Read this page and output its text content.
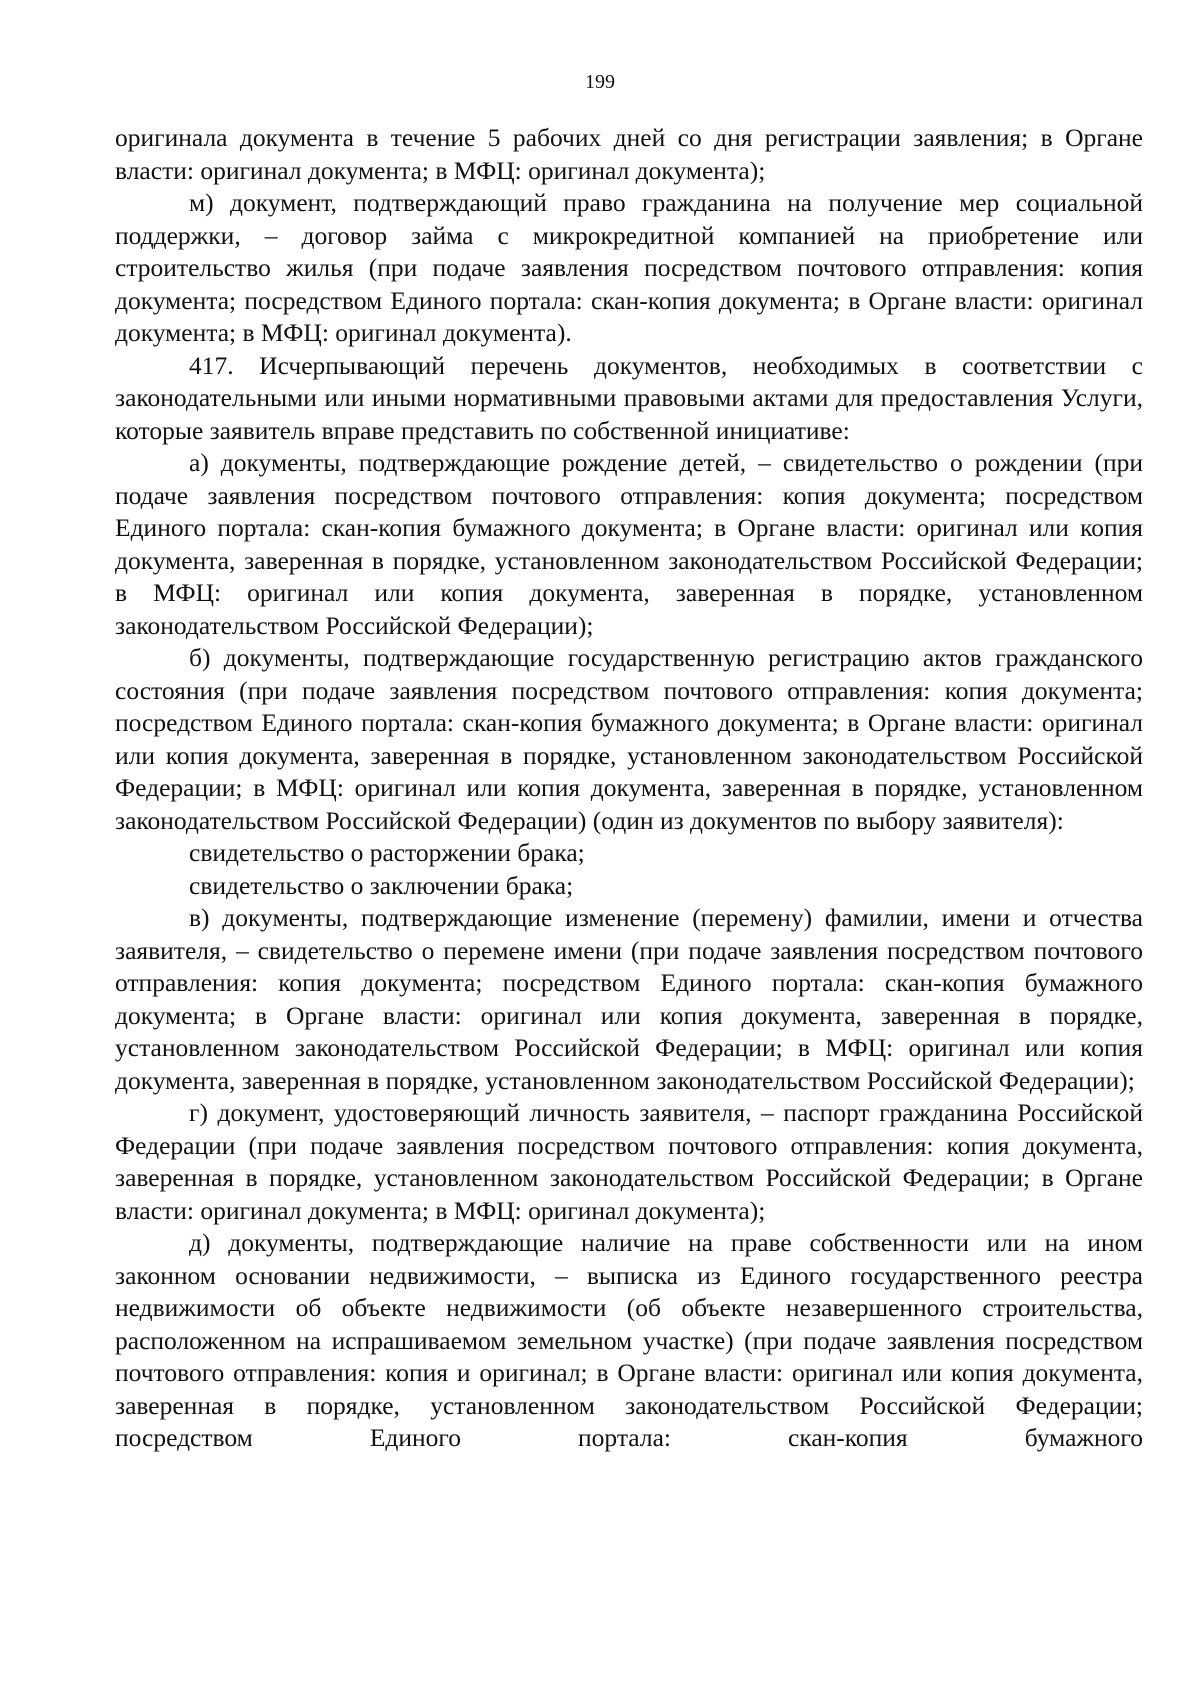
199

оригинала документа в течение 5 рабочих дней со дня регистрации заявления; в Органе власти: оригинал документа; в МФЦ: оригинал документа);

м) документ, подтверждающий право гражданина на получение мер социальной поддержки, – договор займа с микрокредитной компанией на приобретение или строительство жилья (при подаче заявления посредством почтового отправления: копия документа; посредством Единого портала: скан-копия документа; в Органе власти: оригинал документа; в МФЦ: оригинал документа).

417. Исчерпывающий перечень документов, необходимых в соответствии с законодательными или иными нормативными правовыми актами для предоставления Услуги, которые заявитель вправе представить по собственной инициативе:

а) документы, подтверждающие рождение детей, – свидетельство о рождении (при подаче заявления посредством почтового отправления: копия документа; посредством Единого портала: скан-копия бумажного документа; в Органе власти: оригинал или копия документа, заверенная в порядке, установленном законодательством Российской Федерации; в МФЦ: оригинал или копия документа, заверенная в порядке, установленном законодательством Российской Федерации);

б) документы, подтверждающие государственную регистрацию актов гражданского состояния (при подаче заявления посредством почтового отправления: копия документа; посредством Единого портала: скан-копия бумажного документа; в Органе власти: оригинал или копия документа, заверенная в порядке, установленном законодательством Российской Федерации; в МФЦ: оригинал или копия документа, заверенная в порядке, установленном законодательством Российской Федерации) (один из документов по выбору заявителя):

свидетельство о расторжении брака;

свидетельство о заключении брака;

в) документы, подтверждающие изменение (перемену) фамилии, имени и отчества заявителя, – свидетельство о перемене имени (при подаче заявления посредством почтового отправления: копия документа; посредством Единого портала: скан-копия бумажного документа; в Органе власти: оригинал или копия документа, заверенная в порядке, установленном законодательством Российской Федерации; в МФЦ: оригинал или копия документа, заверенная в порядке, установленном законодательством Российской Федерации);

г) документ, удостоверяющий личность заявителя, – паспорт гражданина Российской Федерации (при подаче заявления посредством почтового отправления: копия документа, заверенная в порядке, установленном законодательством Российской Федерации; в Органе власти: оригинал документа; в МФЦ: оригинал документа);

д) документы, подтверждающие наличие на праве собственности или на ином законном основании недвижимости, – выписка из Единого государственного реестра недвижимости об объекте недвижимости (об объекте незавершенного строительства, расположенном на испрашиваемом земельном участке) (при подаче заявления посредством почтового отправления: копия и оригинал; в Органе власти: оригинал или копия документа, заверенная в порядке, установленном законодательством Российской Федерации; посредством Единого портала: скан-копия бумажного
